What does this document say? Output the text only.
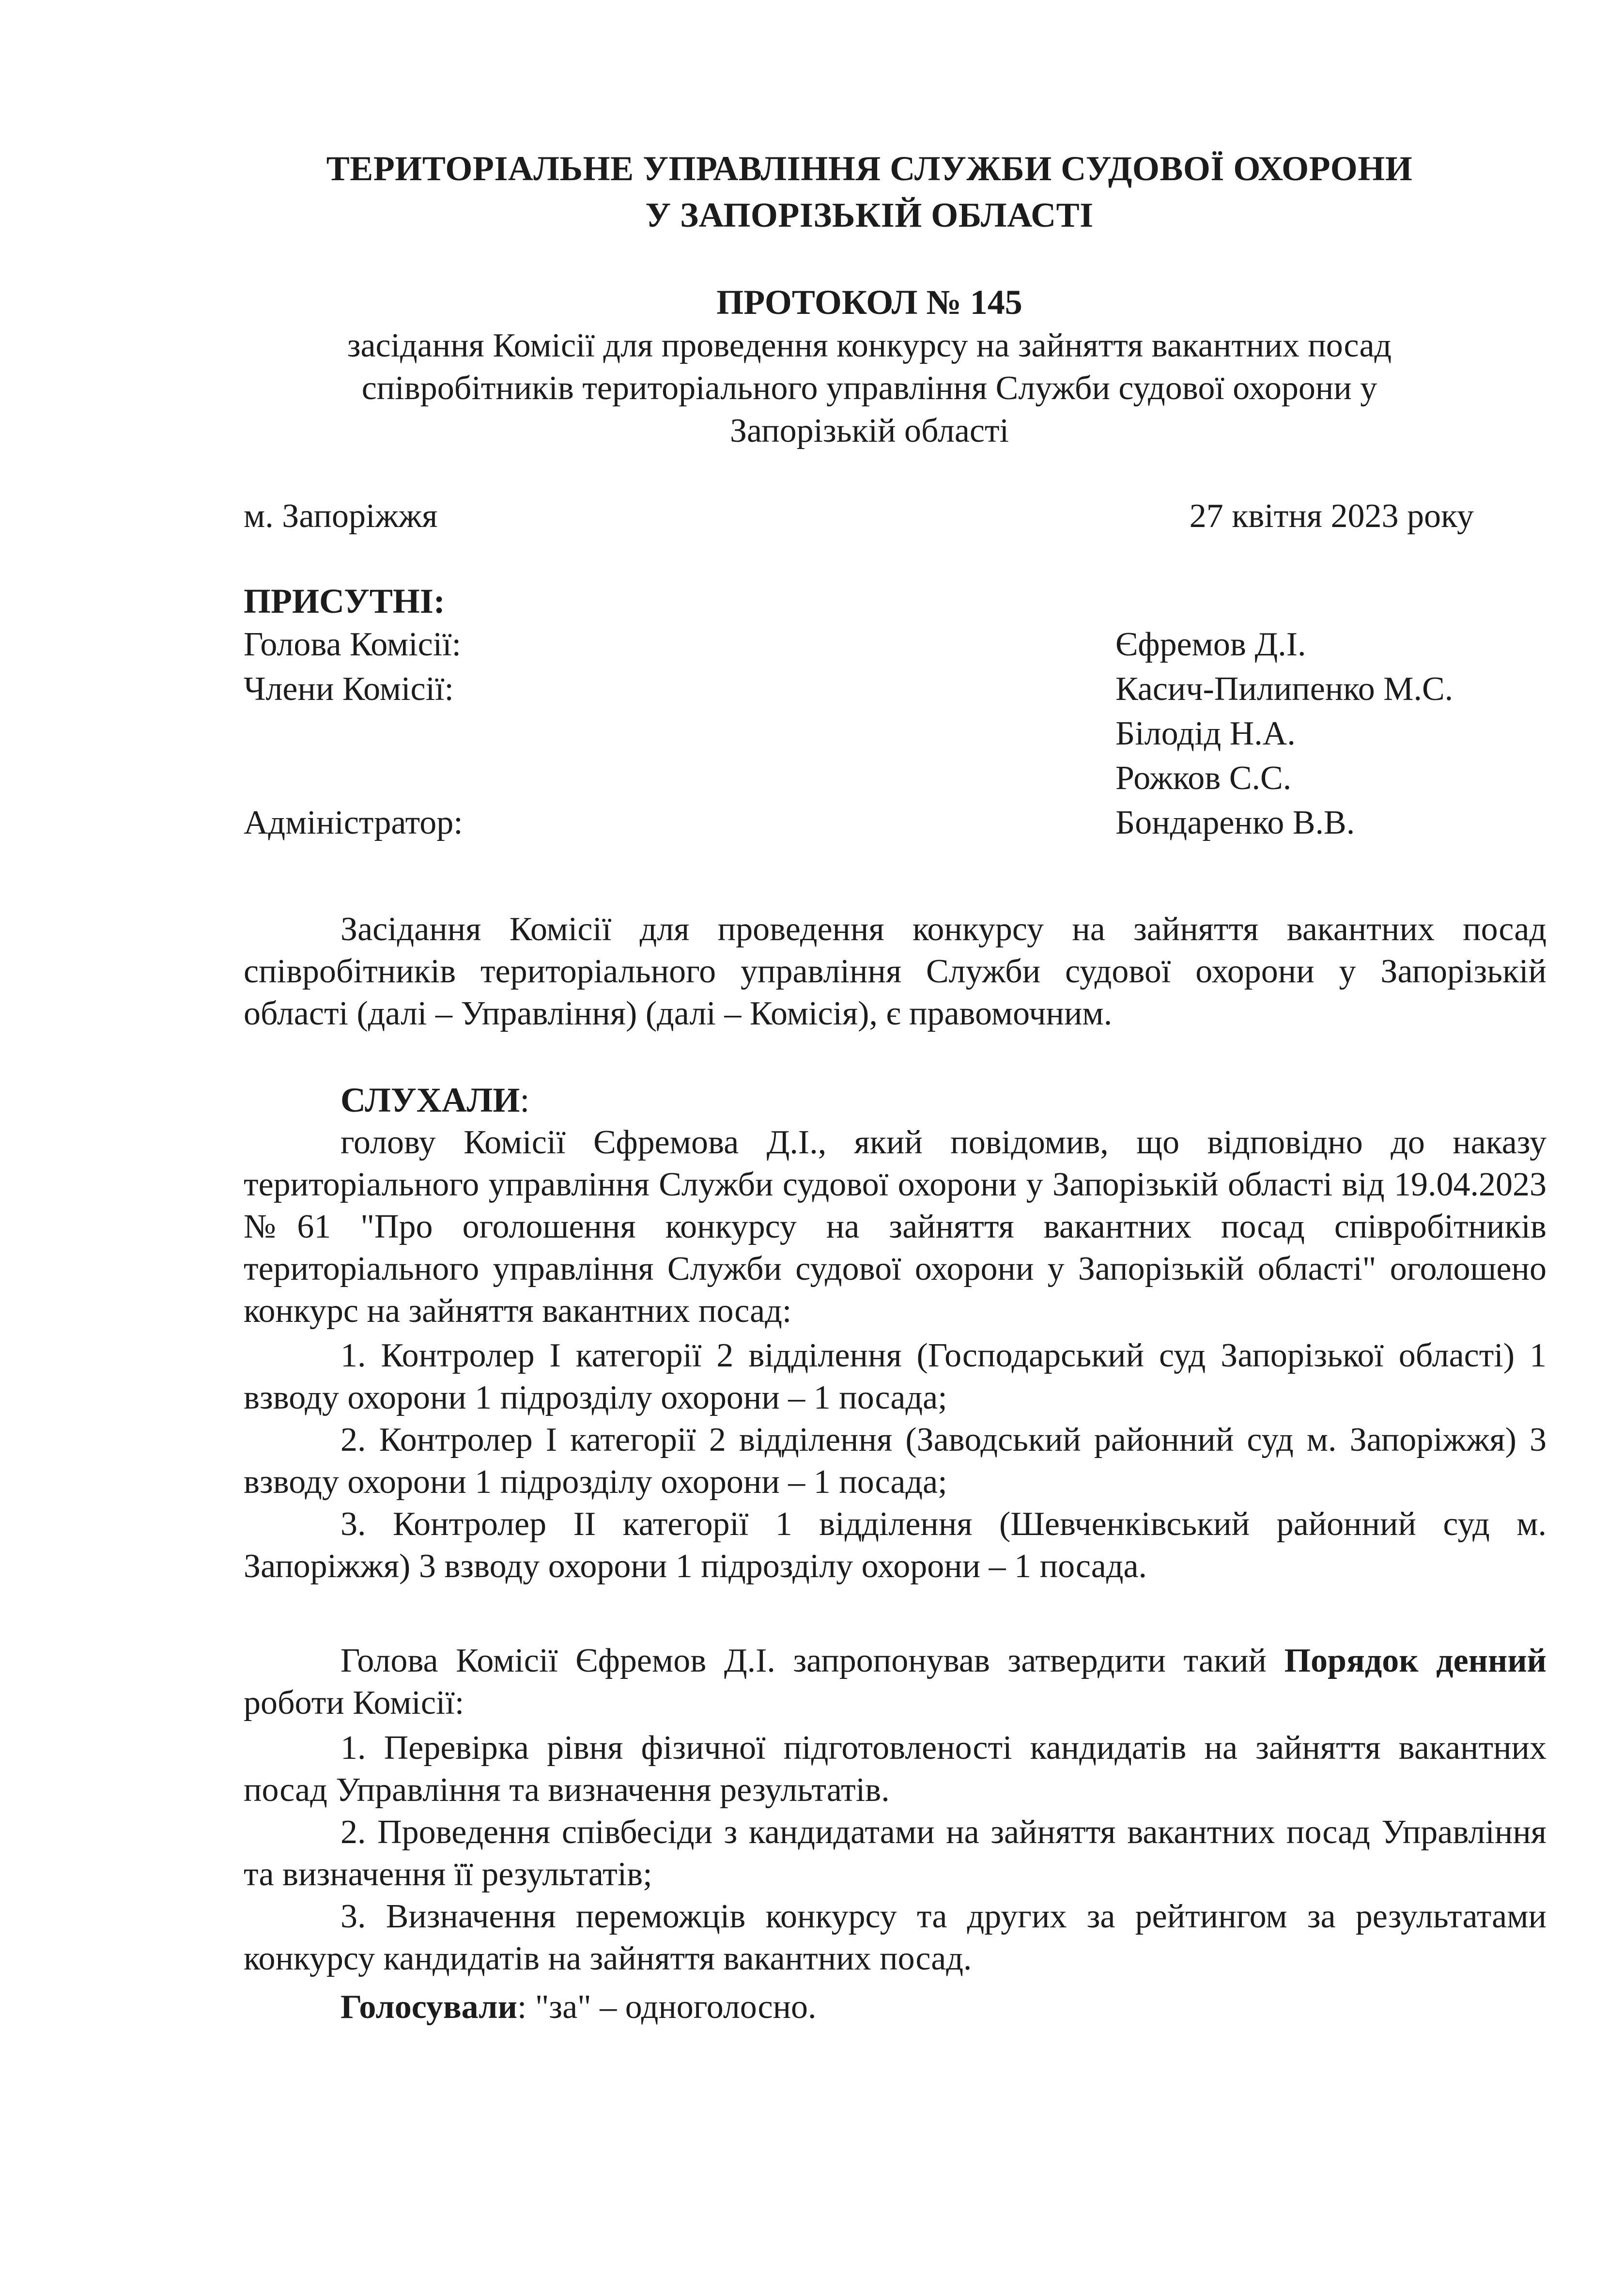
ТЕРИТОРІАЛЬНЕ УПРАВЛІННЯ СЛУЖБИ СУДОВОЇ ОХОРОНИ
У ЗАПОРІЗЬКІЙ ОБЛАСТІ
ПРОТОКОЛ № 145
засідання Комісії для проведення конкурсу на зайняття вакантних посад
співробітників територіального управління Служби судової охорони у
Запорізькій області
м. Запоріжжя	27 квітня 2023 року
ПРИСУТНІ:
Голова Комісії:	Єфремов Д.І.
Члени Комісії:	Касич-Пилипенко М.С.
Білодід Н.А.
Рожков С.С.
Адміністратор:	Бондаренко В.В.

Засідання Комісії для проведення конкурсу на зайняття вакантних посад співробітників територіального управління Служби судової охорони у Запорізькій області (далі – Управління) (далі – Комісія), є правомочним.

СЛУХАЛИ:

голову Комісії Єфремова Д.І., який повідомив, що відповідно до наказу територіального управління Служби судової охорони у Запорізькій області від 19.04.2023 №61 "Про оголошення конкурсу на зайняття вакантних посад співробітників територіального управління Служби судової охорони у Запорізькій області" оголошено конкурс на зайняття вакантних посад:

1. Контролер І категорії 2 відділення (Господарський суд Запорізької області) 1 взводу охорони 1 підрозділу охорони – 1 посада;

2. Контролер І категорії 2 відділення (Заводський районний суд м. Запоріжжя) 3 взводу охорони 1 підрозділу охорони – 1 посада;

3. Контролер ІІ категорії 1 відділення (Шевченківський районний суд м. Запоріжжя) 3 взводу охорони 1 підрозділу охорони – 1 посада.

Голова Комісії Єфремов Д.І. запропонував затвердити такий Порядок денний роботи Комісії:

1. Перевірка рівня фізичної підготовленості кандидатів на зайняття вакантних посад Управління та визначення результатів.

2. Проведення співбесіди з кандидатами на зайняття вакантних посад Управління та визначення її результатів;

3. Визначення переможців конкурсу та других за рейтингом за результатами конкурсу кандидатів на зайняття вакантних посад.

Голосували: "за" – одноголосно.
